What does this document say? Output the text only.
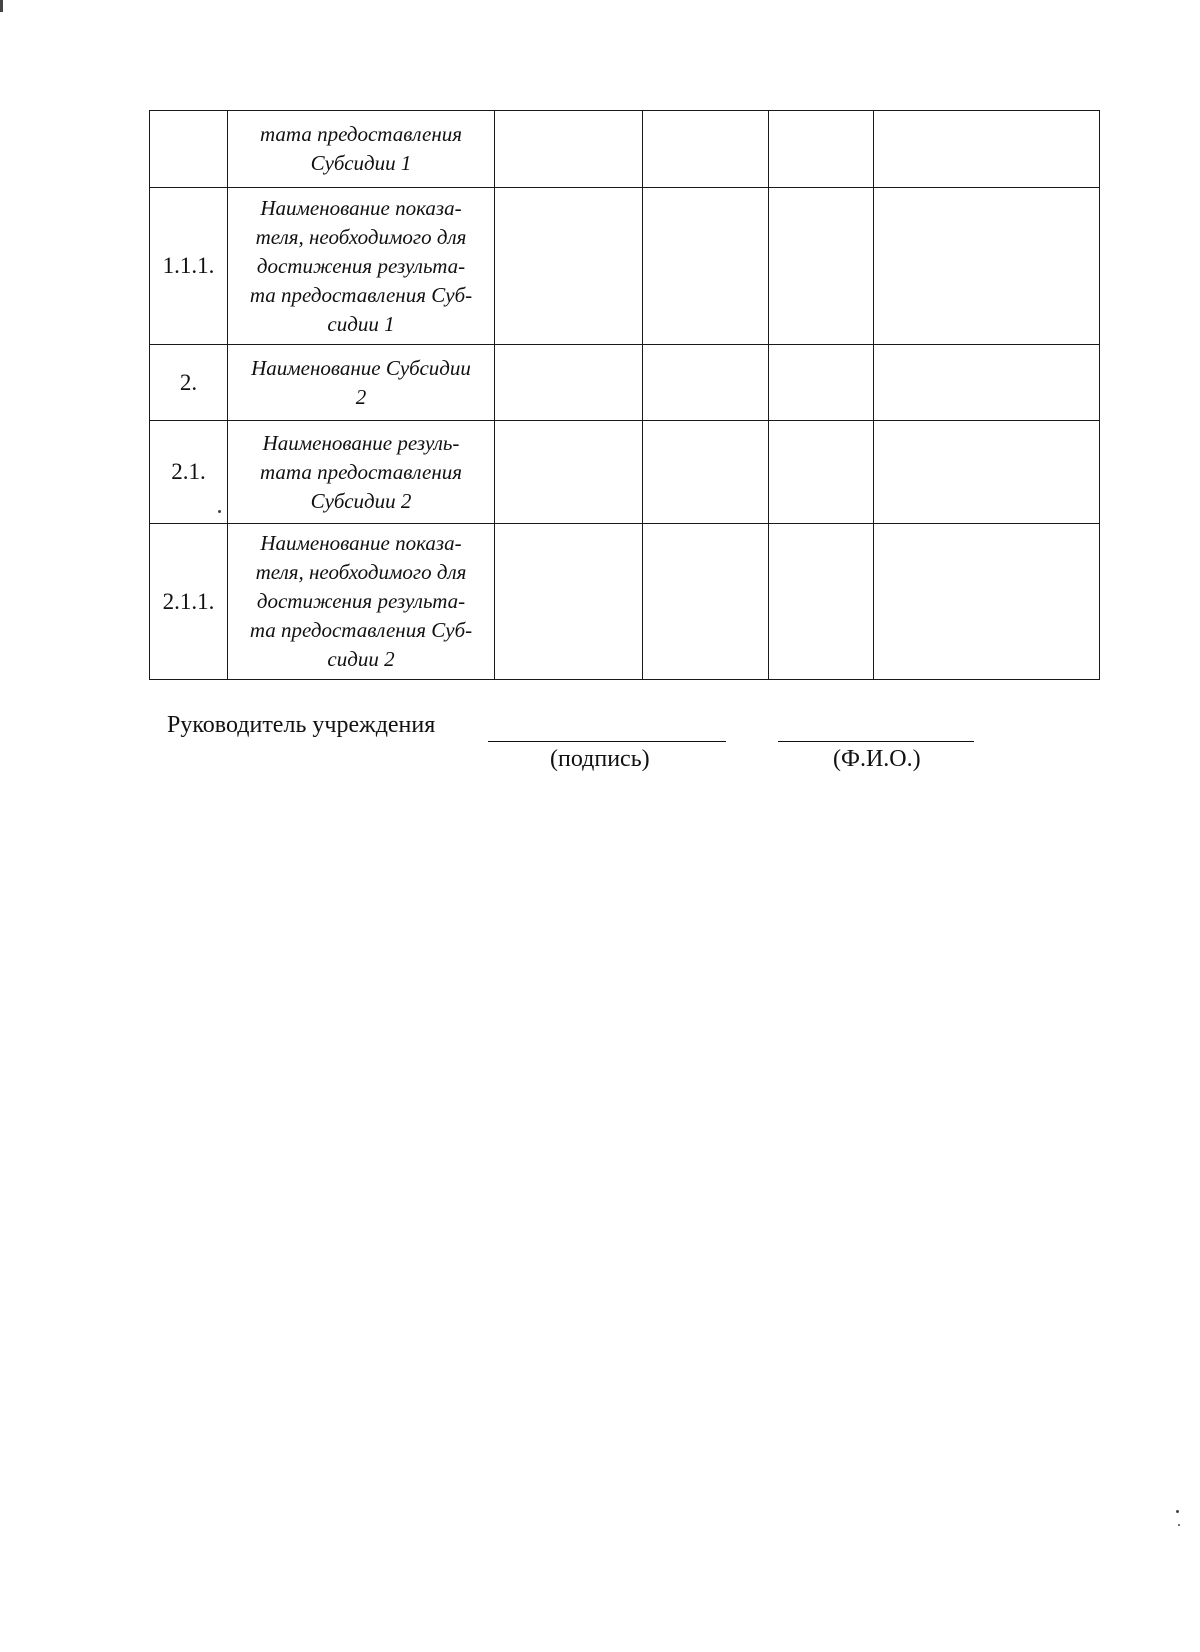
	тата предоставления
Субсидии 1				

1.1.1.	Наименование показа-
теля, необходимого для
достижения результа-
та предоставления Суб-
сидии 1				

2.	Наименование Субсидии
2				

2.1.	Наименование резуль-
тата предоставления
Субсидии 2				

2.1.1.	Наименование показа-
теля, необходимого для
достижения результа-
та предоставления Суб-
сидии 2				

Руководитель учреждения
(подпись)	(Ф.И.О.)
